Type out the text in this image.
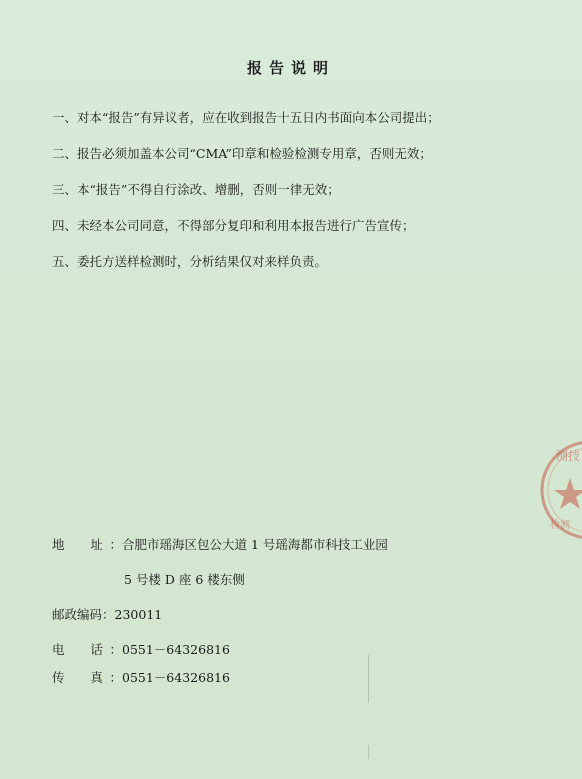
报告说明
一、对本“报告”有异议者，应在收到报告十五日内书面向本公司提出；
二、报告必须加盖本公司“CMA”印章和检验检测专用章，否则无效；
三、本“报告”不得自行涂改、增删，否则一律无效；
四、未经本公司同意，不得部分复印和利用本报告进行广告宣传；
五、委托方送样检测时，分析结果仅对来样负责。
地　址：合肥市瑶海区包公大道 1 号瑶海都市科技工业园
5 号楼 D 座 6 楼东侧
邮政编码：230011
电　话：0551－64326816
传　真：0551－64326816
测技
检测
